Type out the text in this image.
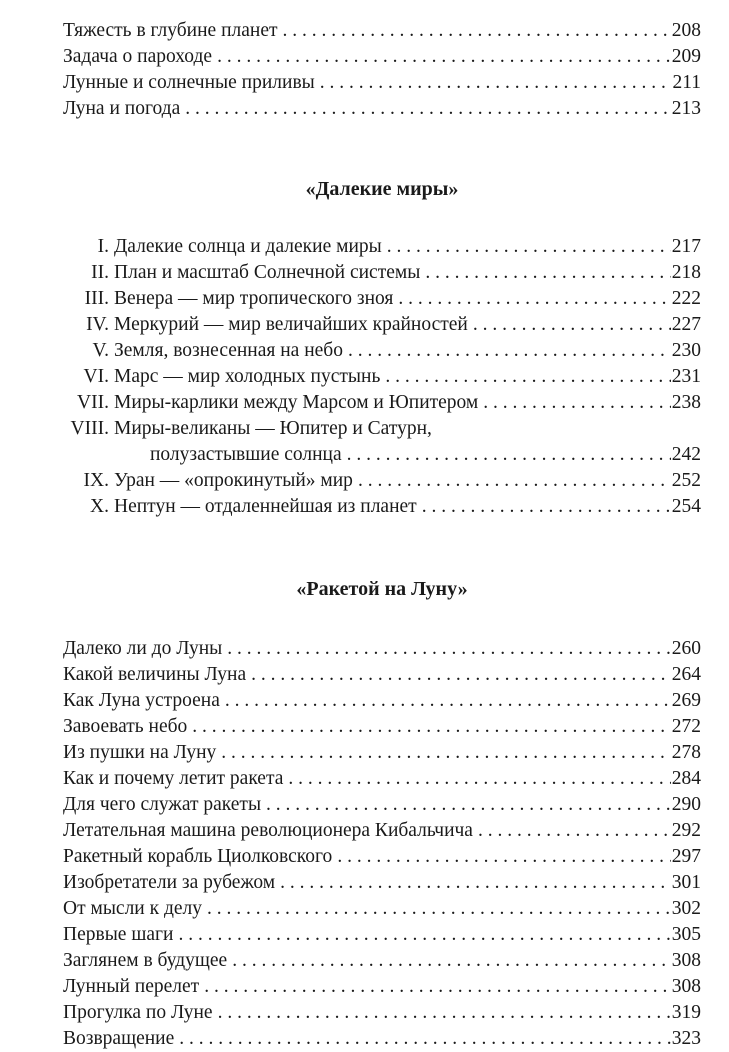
Тяжесть в глубине планет . . .	208
Задача о пароходе . . .	209
Лунные и солнечные приливы . . .	211
Луна и погода . . .	213
«Далекие миры»
I. Далекие солнца и далекие миры . . .	217
II. План и масштаб Солнечной системы . . .	218
III. Венера — мир тропического зноя . . .	222
IV. Меркурий — мир величайших крайностей . . .	227
V. Земля, вознесенная на небо . . .	230
VI. Марс — мир холодных пустынь . . .	231
VII. Миры-карлики между Марсом и Юпитером . . .	238
VIII. Миры-великаны — Юпитер и Сатурн,
полузастывшие солнца . . .	242
IX. Уран — «опрокинутый» мир . . .	252
X. Нептун — отдаленнейшая из планет . . .	254
«Ракетой на Луну»
Далеко ли до Луны . . .	260
Какой величины Луна . . .	264
Как Луна устроена . . .	269
Завоевать небо . . .	272
Из пушки на Луну . . .	278
Как и почему летит ракета . . .	284
Для чего служат ракеты . . .	290
Летательная машина революционера Кибальчича . . .	292
Ракетный корабль Циолковского . . .	297
Изобретатели за рубежом . . .	301
От мысли к делу . . .	302
Первые шаги . . .	305
Заглянем в будущее . . .	308
Лунный перелет . . .	308
Прогулка по Луне . . .	319
Возвращение . . .	323
